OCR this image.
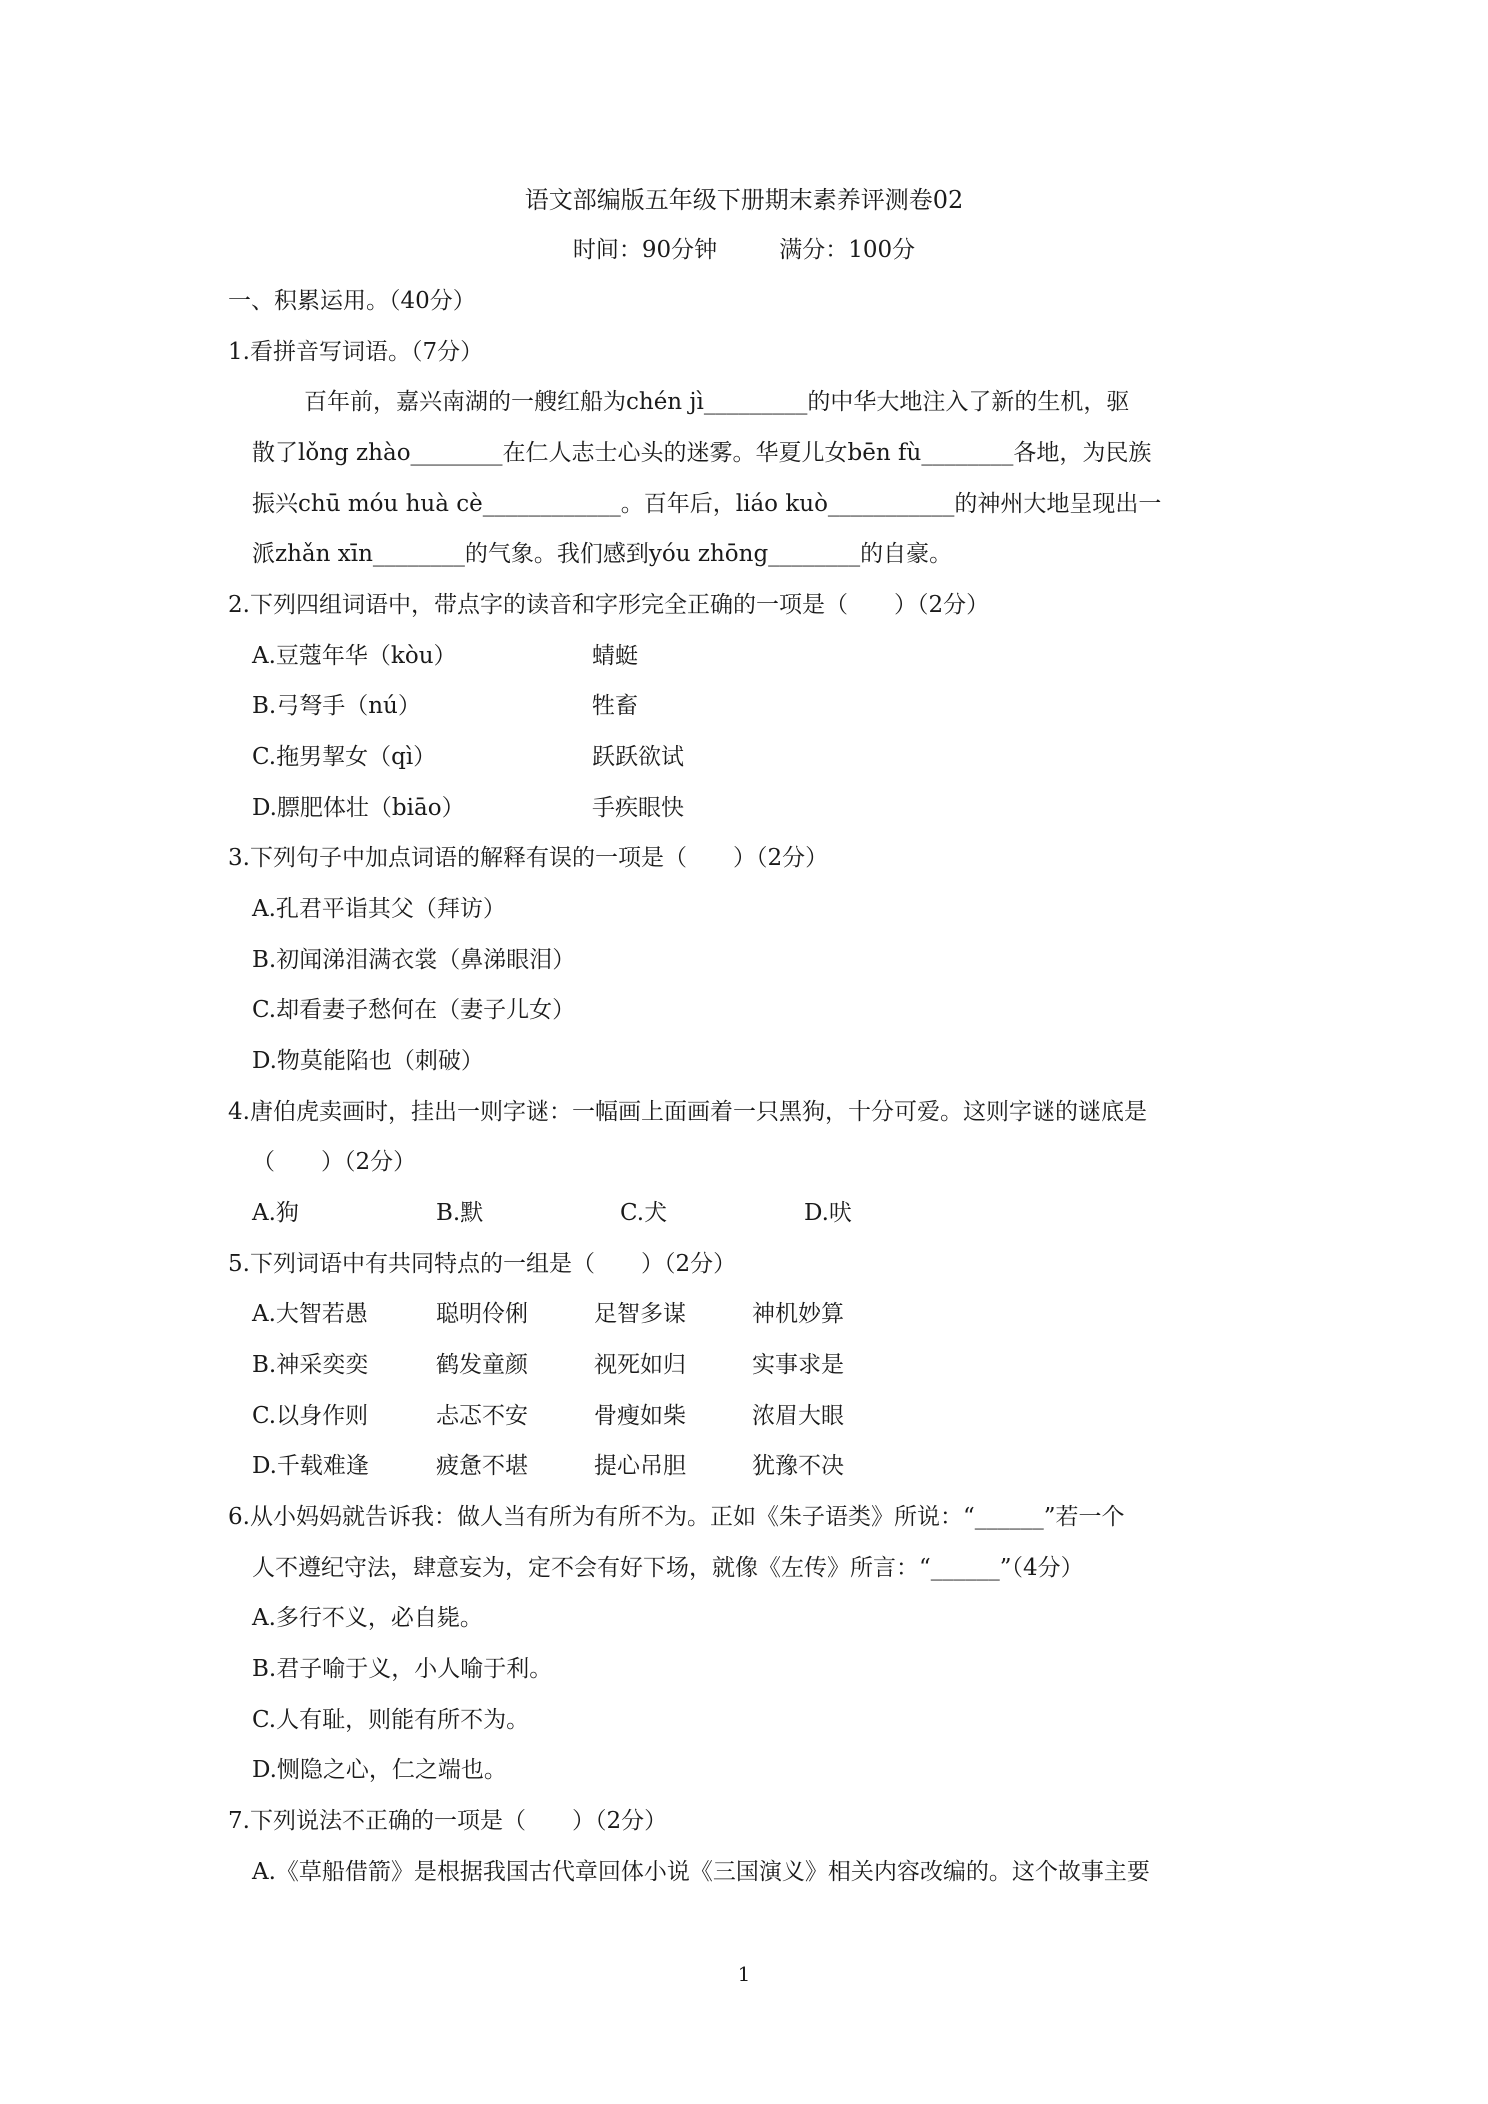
语文部编版五年级下册期末素养评测卷02
时间：90分钟	满分：100分
一、积累运用。（40分）
1.看拼音写词语。（7分）
百年前，嘉兴南湖的一艘红船为chén jì_________的中华大地注入了新的生机，驱
散了lǒng zhào________在仁人志士心头的迷雾。华夏儿女bēn fù________各地，为民族
振兴chū móu huà cè____________。百年后，liáo kuò___________的神州大地呈现出一
派zhǎn xīn________的气象。我们感到yóu zhōng________的自豪。
2.下列四组词语中，带点字的读音和字形完全正确的一项是（　　）（2分）
A.豆蔻年华（kòu）	蜻蜓
B.弓弩手（nú）	牲畜
C.拖男挈女（qì）	跃跃欲试
D.膘肥体壮（biāo）	手疾眼快
3.下列句子中加点词语的解释有误的一项是（　　）（2分）
A.孔君平诣其父（拜访）
B.初闻涕泪满衣裳（鼻涕眼泪）
C.却看妻子愁何在（妻子儿女）
D.物莫能陷也（刺破）
4.唐伯虎卖画时，挂出一则字谜：一幅画上面画着一只黑狗，十分可爱。这则字谜的谜底是
（　　）（2分）
A.狗	B.默	C.犬	D.吠
5.下列词语中有共同特点的一组是（　　）（2分）
A.大智若愚	聪明伶俐	足智多谋	神机妙算
B.神采奕奕	鹤发童颜	视死如归	实事求是
C.以身作则	忐忑不安	骨瘦如柴	浓眉大眼
D.千载难逢	疲惫不堪	提心吊胆	犹豫不决
6.从小妈妈就告诉我：做人当有所为有所不为。正如《朱子语类》所说：“______”若一个
人不遵纪守法，肆意妄为，定不会有好下场，就像《左传》所言：“______”（4分）
A.多行不义，必自毙。
B.君子喻于义，小人喻于利。
C.人有耻，则能有所不为。
D.恻隐之心，仁之端也。
7.下列说法不正确的一项是（　　）（2分）
A.《草船借箭》是根据我国古代章回体小说《三国演义》相关内容改编的。这个故事主要
1
